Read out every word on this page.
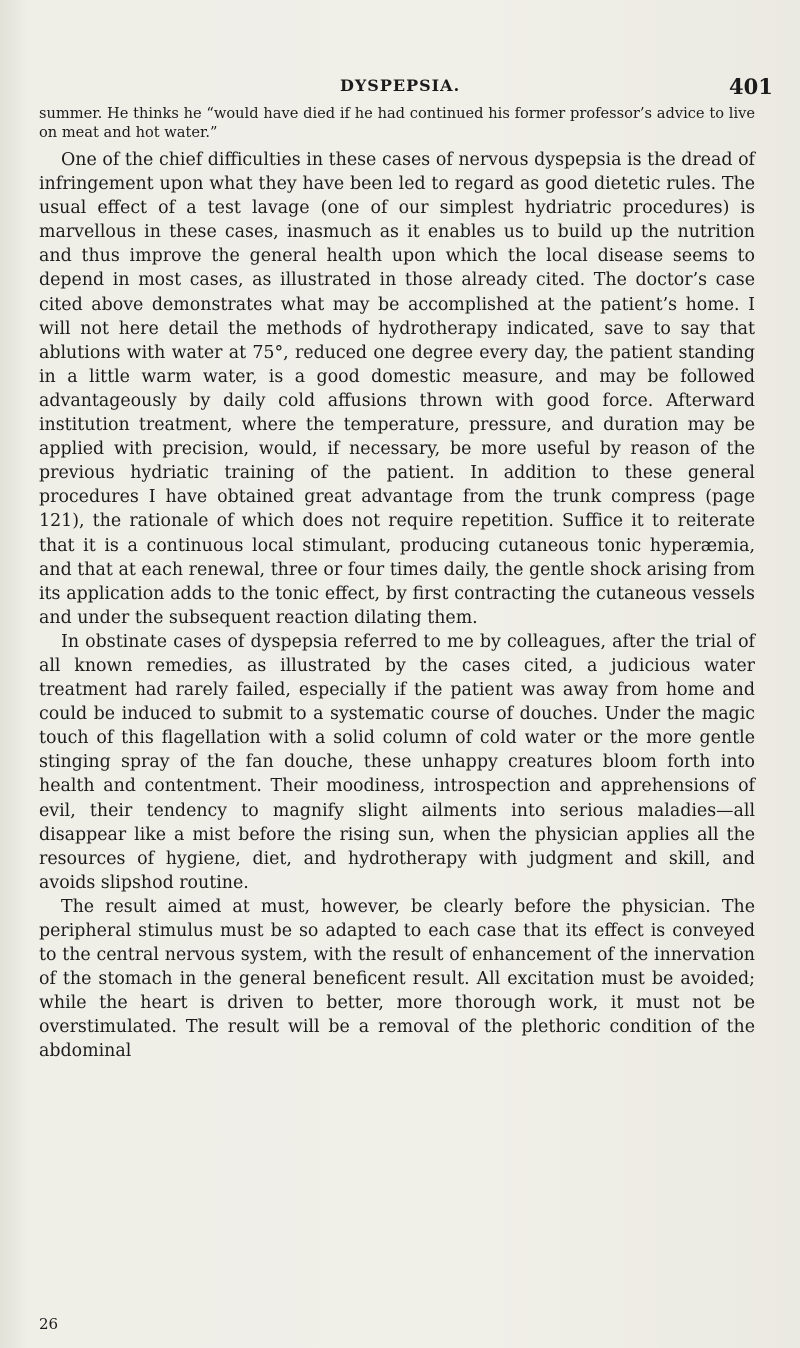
DYSPEPSIA.	401

summer. He thinks he “would have died if he had continued his former professor’s advice to live on meat and hot water.”

One of the chief difficulties in these cases of nervous dyspepsia is the dread of infringement upon what they have been led to regard as good dietetic rules. The usual effect of a test lavage (one of our simplest hydriatric procedures) is marvellous in these cases, inasmuch as it enables us to build up the nutrition and thus improve the general health upon which the local disease seems to depend in most cases, as illustrated in those already cited. The doctor’s case cited above demonstrates what may be accomplished at the patient’s home. I will not here detail the methods of hydrotherapy indicated, save to say that ablutions with water at 75°, reduced one degree every day, the patient standing in a little warm water, is a good domestic measure, and may be followed advantageously by daily cold affusions thrown with good force. Afterward institution treatment, where the temperature, pressure, and duration may be applied with precision, would, if necessary, be more useful by reason of the previous hydriatic training of the patient. In addition to these general procedures I have obtained great advantage from the trunk compress (page 121), the rationale of which does not require repetition. Suffice it to reiterate that it is a continuous local stimulant, producing cutaneous tonic hyperæmia, and that at each renewal, three or four times daily, the gentle shock arising from its application adds to the tonic effect, by first contracting the cutaneous vessels and under the subsequent reaction dilating them.

In obstinate cases of dyspepsia referred to me by colleagues, after the trial of all known remedies, as illustrated by the cases cited, a judicious water treatment had rarely failed, especially if the patient was away from home and could be induced to submit to a systematic course of douches. Under the magic touch of this flagellation with a solid column of cold water or the more gentle stinging spray of the fan douche, these unhappy creatures bloom forth into health and contentment. Their moodiness, introspection and apprehensions of evil, their tendency to magnify slight ailments into serious maladies—all disappear like a mist before the rising sun, when the physician applies all the resources of hygiene, diet, and hydrotherapy with judgment and skill, and avoids slipshod routine.

The result aimed at must, however, be clearly before the physician. The peripheral stimulus must be so adapted to each case that its effect is conveyed to the central nervous system, with the result of enhancement of the innervation of the stomach in the general beneficent result. All excitation must be avoided; while the heart is driven to better, more thorough work, it must not be overstimulated. The result will be a removal of the plethoric condition of the abdominal

26
